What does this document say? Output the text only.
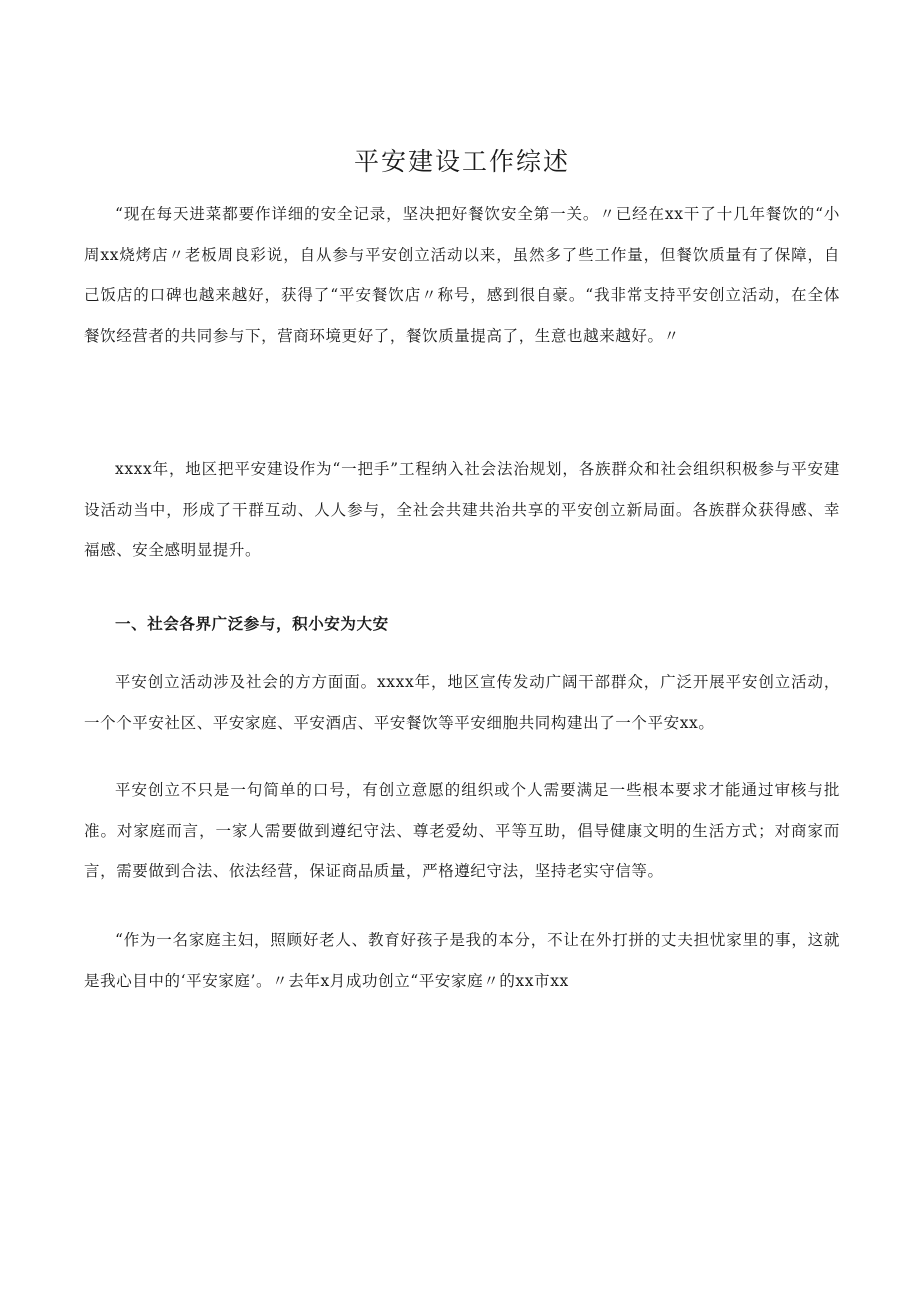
平安建设工作综述

“现在每天进菜都要作详细的安全记录，坚决把好餐饮安全第一关。〃已经在xx干了十几年餐饮的“小周xx烧烤店〃老板周良彩说，自从参与平安创立活动以来，虽然多了些工作量，但餐饮质量有了保障，自己饭店的口碑也越来越好，获得了“平安餐饮店〃称号，感到很自豪。“我非常支持平安创立活动，在全体餐饮经营者的共同参与下，营商环境更好了，餐饮质量提高了，生意也越来越好。〃

xxxx年，地区把平安建设作为“一把手”工程纳入社会法治规划，各族群众和社会组织积极参与平安建设活动当中，形成了干群互动、人人参与，全社会共建共治共享的平安创立新局面。各族群众获得感、幸福感、安全感明显提升。

一、社会各界广泛参与，积小安为大安

平安创立活动涉及社会的方方面面。xxxx年，地区宣传发动广阔干部群众，广泛开展平安创立活动，一个个平安社区、平安家庭、平安酒店、平安餐饮等平安细胞共同构建出了一个平安xx。

平安创立不只是一句简单的口号，有创立意愿的组织或个人需要满足一些根本要求才能通过审核与批准。对家庭而言，一家人需要做到遵纪守法、尊老爱幼、平等互助，倡导健康文明的生活方式；对商家而言，需要做到合法、依法经营，保证商品质量，严格遵纪守法，坚持老实守信等。

“作为一名家庭主妇，照顾好老人、教育好孩子是我的本分，不让在外打拼的丈夫担忧家里的事，这就是我心目中的‘平安家庭’。〃去年x月成功创立“平安家庭〃的xx市xx
